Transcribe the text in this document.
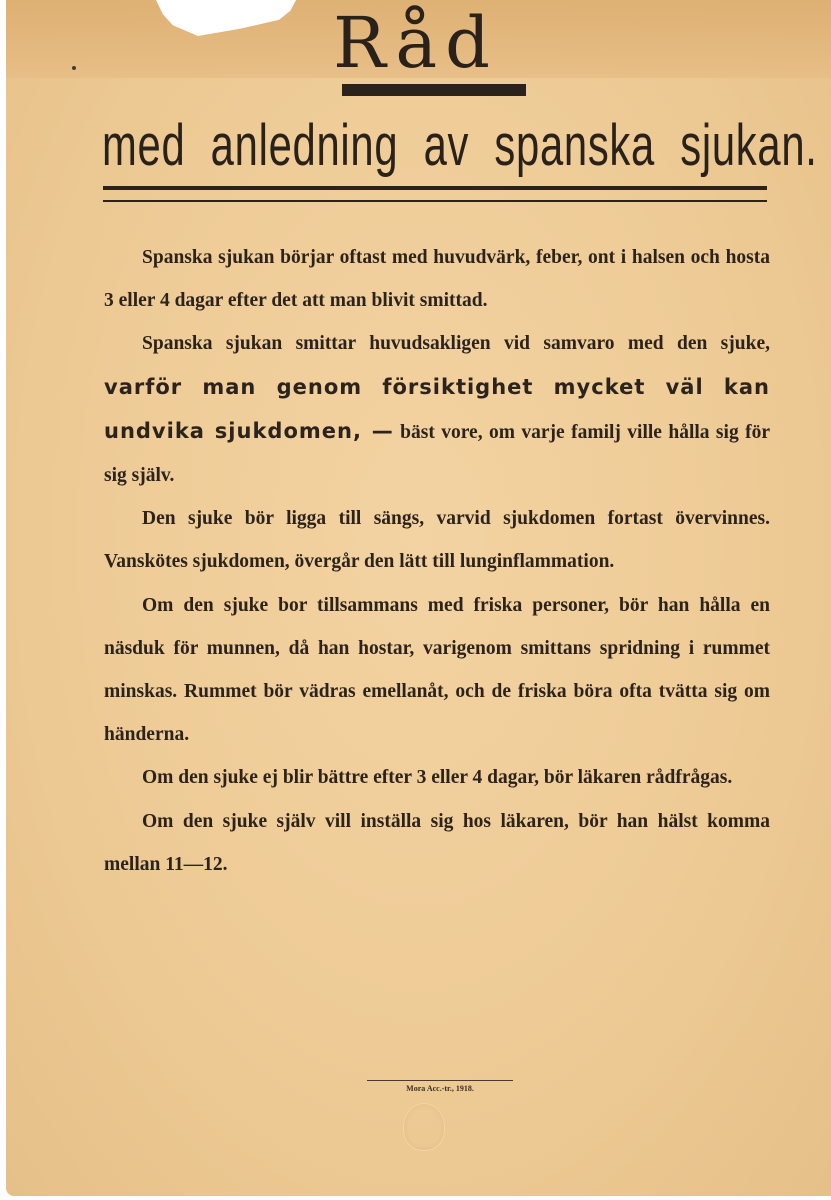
Råd
med anledning av spanska sjukan.

Spanska sjukan börjar oftast med huvudvärk, feber, ont i halsen och hosta 3 eller 4 dagar efter det att man blivit smittad.

Spanska sjukan smittar huvudsakligen vid samvaro med den sjuke, varför man genom försiktighet mycket väl kan undvika sjukdomen, — bäst vore, om varje familj ville hålla sig för sig själv.

Den sjuke bör ligga till sängs, varvid sjukdomen fortast övervinnes. Vanskötes sjukdomen, övergår den lätt till lunginflammation.

Om den sjuke bor tillsammans med friska personer, bör han hålla en näsduk för munnen, då han hostar, varigenom smittans spridning i rummet minskas. Rummet bör vädras emellanåt, och de friska böra ofta tvätta sig om händerna.

Om den sjuke ej blir bättre efter 3 eller 4 dagar, bör läkaren rådfrågas.

Om den sjuke själv vill inställa sig hos läkaren, bör han hälst komma mellan 11—12.

Mora Acc.-tr., 1918.
